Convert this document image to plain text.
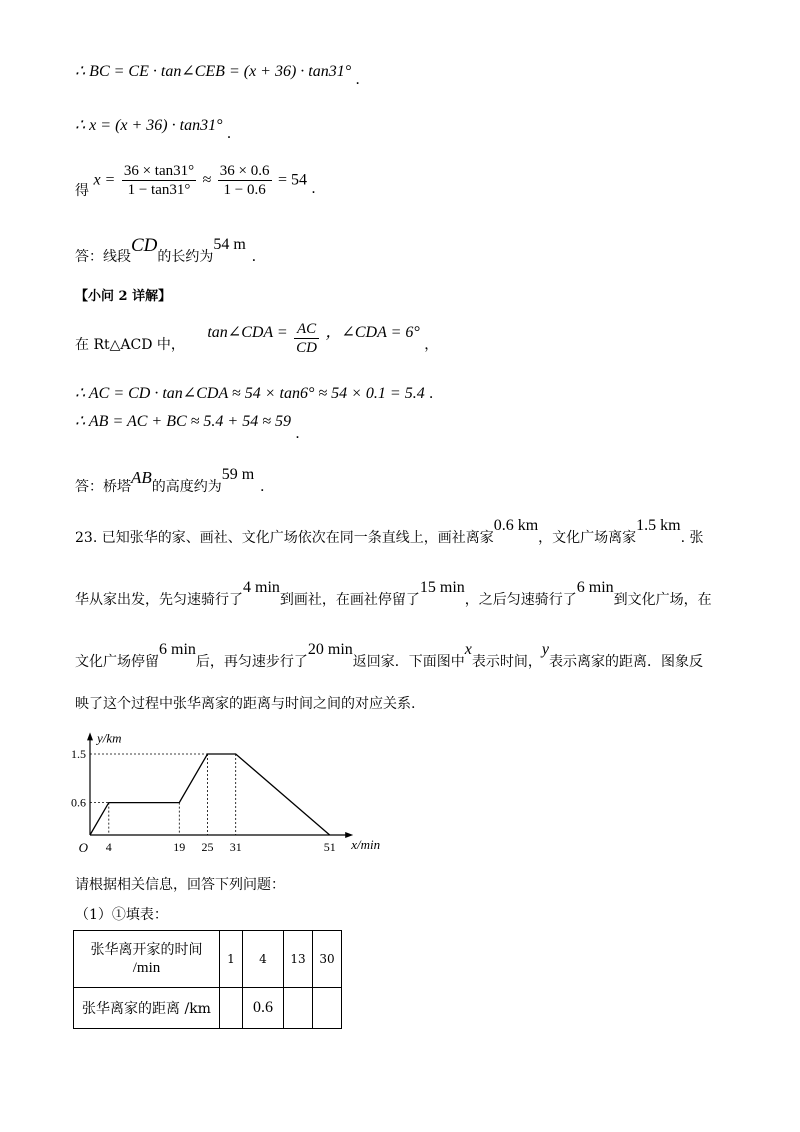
∴ BC = CE · tan∠CEB = (x + 36) · tan31° .
∴ x = (x + 36) · tan31° .
得 $x = \frac{36 \times \tan 31^\circ}{1 - \tan 31^\circ} \approx \frac{36 \times 0.6}{1 - 0.6} = 54$ .
答：线段CD的长约为54 m.
【小问 2 详解】
在 Rt△ACD 中， tan∠CDA = $\frac{AC}{CD}$ ，∠CDA = 6° ，
∴ AC = CD · tan∠CDA ≈ 54 × tan6° ≈ 54 × 0.1 = 5.4 .
∴ AB = AC + BC ≈ 5.4 + 54 ≈ 59 .
答：桥塔AB的高度约为59 m.
23. 已知张华的家、画社、文化广场依次在同一条直线上，画社离家0.6 km，文化广场离家1.5 km. 张
华从家出发，先匀速骑行了4 min到画社，在画社停留了15 min，之后匀速骑行了6 min到文化广场，在
文化广场停留6 min后，再匀速步行了20 min返回家．下面图中x表示时间，y表示离家的距离．图象反
映了这个过程中张华离家的距离与时间之间的对应关系.
4	19 25 31	51
0.6
1.5
O	x/min
y/km
请根据相关信息，回答下列问题：
（1）①填表：
张华离开家的时间
/min	1	4	13	30
张华离家的距离 /km		0.6		
